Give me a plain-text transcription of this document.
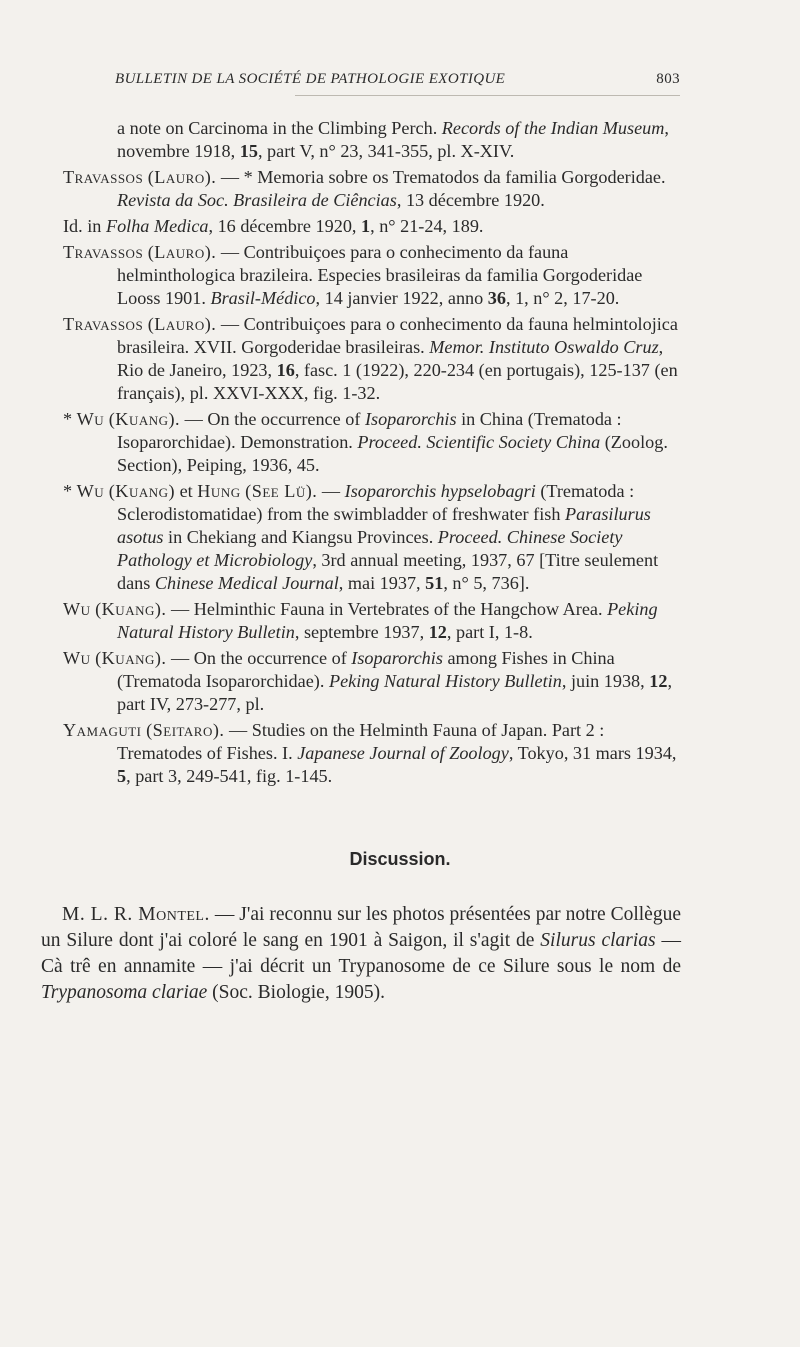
BULLETIN DE LA SOCIÉTÉ DE PATHOLOGIE EXOTIQUE	803

a note on Carcinoma in the Climbing Perch. Records of the Indian Museum, novembre 1918, 15, part V, n° 23, 341-355, pl. X-XIV.

Travassos (Lauro). — * Memoria sobre os Trematodos da familia Gorgoderidae. Revista da Soc. Brasileira de Ciências, 13 décembre 1920.

Id. in Folha Medica, 16 décembre 1920, 1, n° 21-24, 189.

Travassos (Lauro). — Contribuiçoes para o conhecimento da fauna helminthologica brazileira. Especies brasileiras da familia Gorgoderidae Looss 1901. Brasil-Médico, 14 janvier 1922, anno 36, 1, n° 2, 17-20.

Travassos (Lauro). — Contribuiçoes para o conhecimento da fauna helmintolojica brasileira. XVII. Gorgoderidae brasileiras. Memor. Instituto Oswaldo Cruz, Rio de Janeiro, 1923, 16, fasc. 1 (1922), 220-234 (en portugais), 125-137 (en français), pl. XXVI-XXX, fig. 1-32.

* Wu (Kuang). — On the occurrence of Isoparorchis in China (Trematoda : Isoparorchidae). Demonstration. Proceed. Scientific Society China (Zoolog. Section), Peiping, 1936, 45.

* Wu (Kuang) et Hung (See Lü). — Isoparorchis hypselobagri (Trematoda : Sclerodistomatidae) from the swimbladder of freshwater fish Parasilurus asotus in Chekiang and Kiangsu Provinces. Proceed. Chinese Society Pathology et Microbiology, 3rd annual meeting, 1937, 67 [Titre seulement dans Chinese Medical Journal, mai 1937, 51, n° 5, 736].

Wu (Kuang). — Helminthic Fauna in Vertebrates of the Hangchow Area. Peking Natural History Bulletin, septembre 1937, 12, part I, 1-8.

Wu (Kuang). — On the occurrence of Isoparorchis among Fishes in China (Trematoda Isoparorchidae). Peking Natural History Bulletin, juin 1938, 12, part IV, 273-277, pl.

Yamaguti (Seitaro). — Studies on the Helminth Fauna of Japan. Part 2 : Trematodes of Fishes. I. Japanese Journal of Zoology, Tokyo, 31 mars 1934, 5, part 3, 249-541, fig. 1-145.

Discussion.

M. L. R. Montel. — J'ai reconnu sur les photos présentées par notre Collègue un Silure dont j'ai coloré le sang en 1901 à Saigon, il s'agit de Silurus clarias — Cà trê en annamite — j'ai décrit un Trypanosome de ce Silure sous le nom de Trypanosoma clariae (Soc. Biologie, 1905).
